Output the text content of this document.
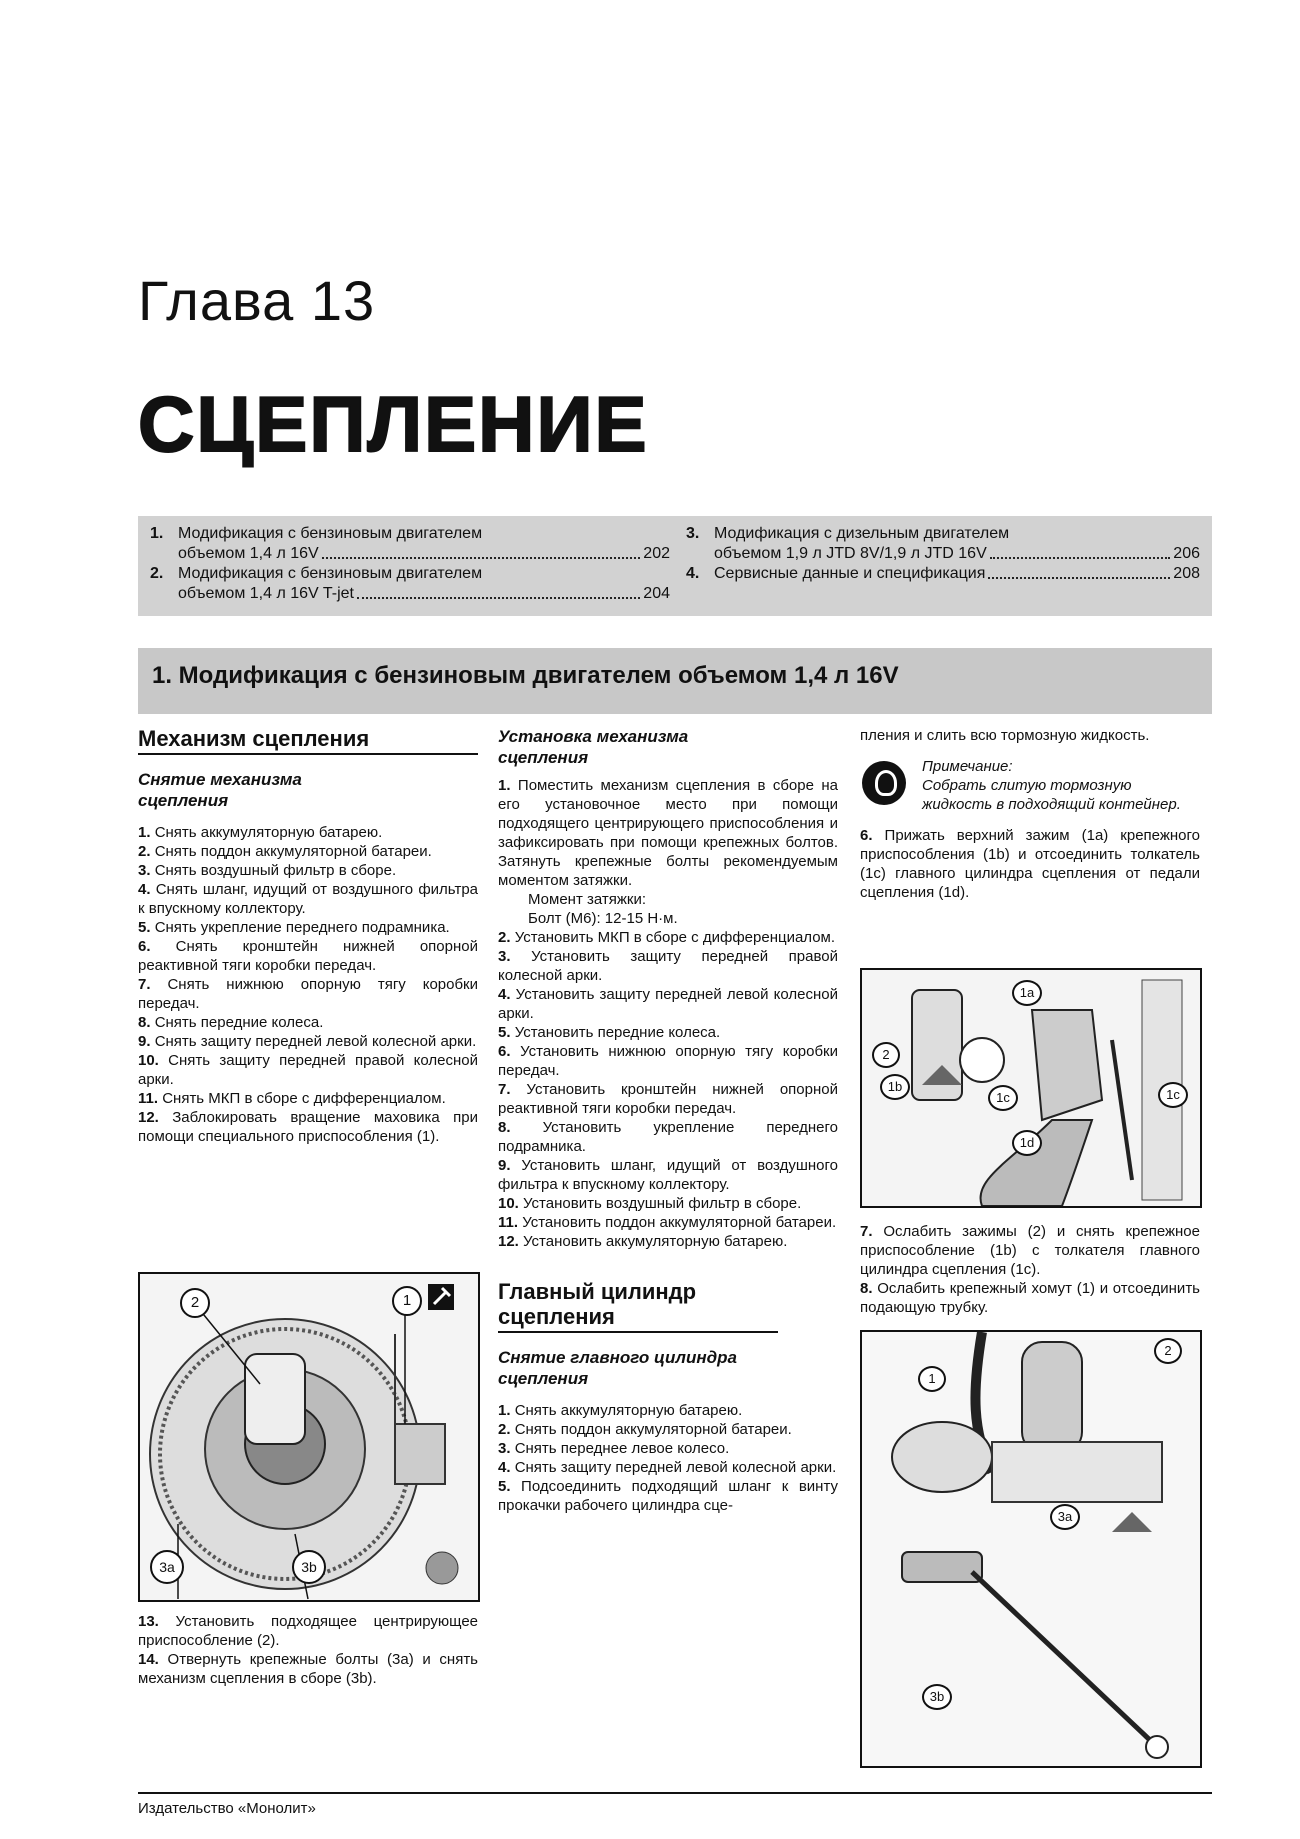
Глава 13
СЦЕПЛЕНИЕ
1. Модификация с бензиновым двигателем
объемом 1,4 л 16V	202
2. Модификация с бензиновым двигателем
объемом 1,4 л 16V T-jet	204
3. Модификация с дизельным двигателем
объемом 1,9 л JTD 8V/1,9 л JTD 16V	206
4. Сервисные данные и спецификация	208
1. Модификация с бензиновым двигателем объемом 1,4 л 16V
Механизм сцепления
Снятие механизма сцепления

1. Снять аккумуляторную батарею.

2. Снять поддон аккумуляторной батареи.

3. Снять воздушный фильтр в сборе.

4. Снять шланг, идущий от воздушного фильтра к впускному коллектору.

5. Снять укрепление переднего подрамника.

6. Снять кронштейн нижней опорной реактивной тяги коробки передач.

7. Снять нижнюю опорную тягу коробки передач.

8. Снять передние колеса.

9. Снять защиту передней левой колесной арки.

10. Снять защиту передней правой колесной арки.

11. Снять МКП в сборе с дифференциалом.

12. Заблокировать вращение маховика при помощи специального приспособления (1).

2	1
3a	3b

13. Установить подходящее центрирующее приспособление (2).

14. Отвернуть крепежные болты (3a) и снять механизм сцепления в сборе (3b).

Установка механизма сцепления

1. Поместить механизм сцепления в сборе на его установочное место при помощи подходящего центрирующего приспособления и зафиксировать при помощи крепежных болтов. Затянуть крепежные болты рекомендуемым моментом затяжки.

Момент затяжки:

Болт (М6): 12-15 Н·м.

2. Установить МКП в сборе с дифференциалом.

3. Установить защиту передней правой колесной арки.

4. Установить защиту передней левой колесной арки.

5. Установить передние колеса.

6. Установить нижнюю опорную тягу коробки передач.

7. Установить кронштейн нижней опорной реактивной тяги коробки передач.

8. Установить укрепление переднего подрамника.

9. Установить шланг, идущий от воздушного фильтра к впускному коллектору.

10. Установить воздушный фильтр в сборе.

11. Установить поддон аккумуляторной батареи.

12. Установить аккумуляторную батарею.

Главный цилиндр сцепления
Снятие главного цилиндра сцепления

1. Снять аккумуляторную батарею.

2. Снять поддон аккумуляторной батареи.

3. Снять переднее левое колесо.

4. Снять защиту передней левой колесной арки.

5. Подсоединить подходящий шланг к винту прокачки рабочего цилиндра сце-

пления и слить всю тормозную жидкость.

Примечание:
Собрать слитую тормозную жидкость в подходящий контейнер.

6. Прижать верхний зажим (1a) крепежного приспособления (1b) и отсоединить толкатель (1c) главного цилиндра сцепления от педали сцепления (1d).

1a
2
1b
1c	1c
1d

7. Ослабить зажимы (2) и снять крепежное приспособление (1b) с толкателя главного цилиндра сцепления (1c).

8. Ослабить крепежный хомут (1) и отсоединить подающую трубку.

1
2
3a
3b
Издательство «Монолит»
